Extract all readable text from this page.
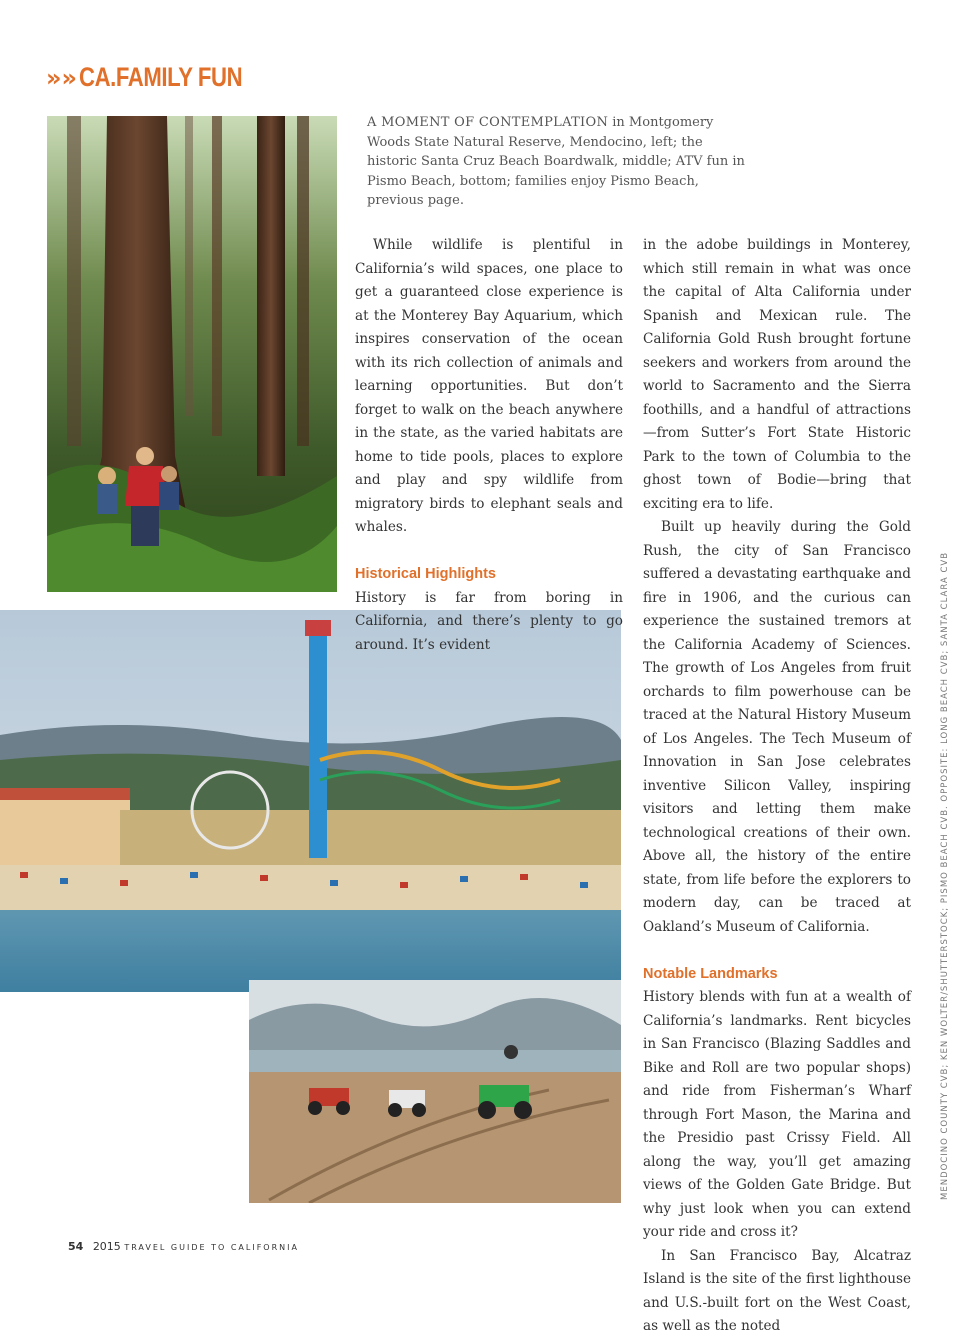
» » CA.FAMILY FUN
A MOMENT OF CONTEMPLATION in Montgomery Woods State Natural Reserve, Mendocino, left; the historic Santa Cruz Beach Boardwalk, middle; ATV fun in Pismo Beach, bottom; families enjoy Pismo Beach, previous page.

While wildlife is plentiful in California’s wild spaces, one place to get a guaranteed close experience is at the Monterey Bay Aquarium, which inspires conservation of the ocean with its rich collection of animals and learning opportunities. But don’t forget to walk on the beach anywhere in the state, as the varied habitats are home to tide pools, places to explore and play and spy wildlife from migratory birds to elephant seals and whales.

Historical Highlights

History is far from boring in California, and there’s plenty to go around. It’s evident

in the adobe buildings in Monterey, which still remain in what was once the capital of Alta California under Spanish and Mexican rule. The California Gold Rush brought fortune seekers and workers from around the world to Sacramento and the Sierra foothills, and a handful of attractions—from Sutter’s Fort State Historic Park to the town of Columbia to the ghost town of Bodie—bring that exciting era to life.

Built up heavily during the Gold Rush, the city of San Francisco suffered a devastating earthquake and fire in 1906, and the curious can experience the sustained tremors at the California Academy of Sciences. The growth of Los Angeles from fruit orchards to film powerhouse can be traced at the Natural History Museum of Los Angeles. The Tech Museum of Innovation in San Jose celebrates inventive Silicon Valley, inspiring visitors and letting them make technological creations of their own. Above all, the history of the entire state, from life before the explorers to modern day, can be traced at Oakland’s Museum of California.

Notable Landmarks

History blends with fun at a wealth of California’s landmarks. Rent bicycles in San Francisco (Blazing Saddles and Bike and Roll are two popular shops) and ride from Fisherman’s Wharf through Fort Mason, the Marina and the Presidio past Crissy Field. All along the way, you’ll get amazing views of the Golden Gate Bridge. But why just look when you can extend your ride and cross it?

In San Francisco Bay, Alcatraz Island is the site of the first lighthouse and U.S.-built fort on the West Coast, as well as the noted

MENDOCINO COUNTY CVB; KEN WOLTER/SHUTTERSTOCK; PISMO BEACH CVB. OPPOSITE: LONG BEACH CVB; SANTA CLARA CVB
54 2015 TRAVEL GUIDE TO CALIFORNIA
